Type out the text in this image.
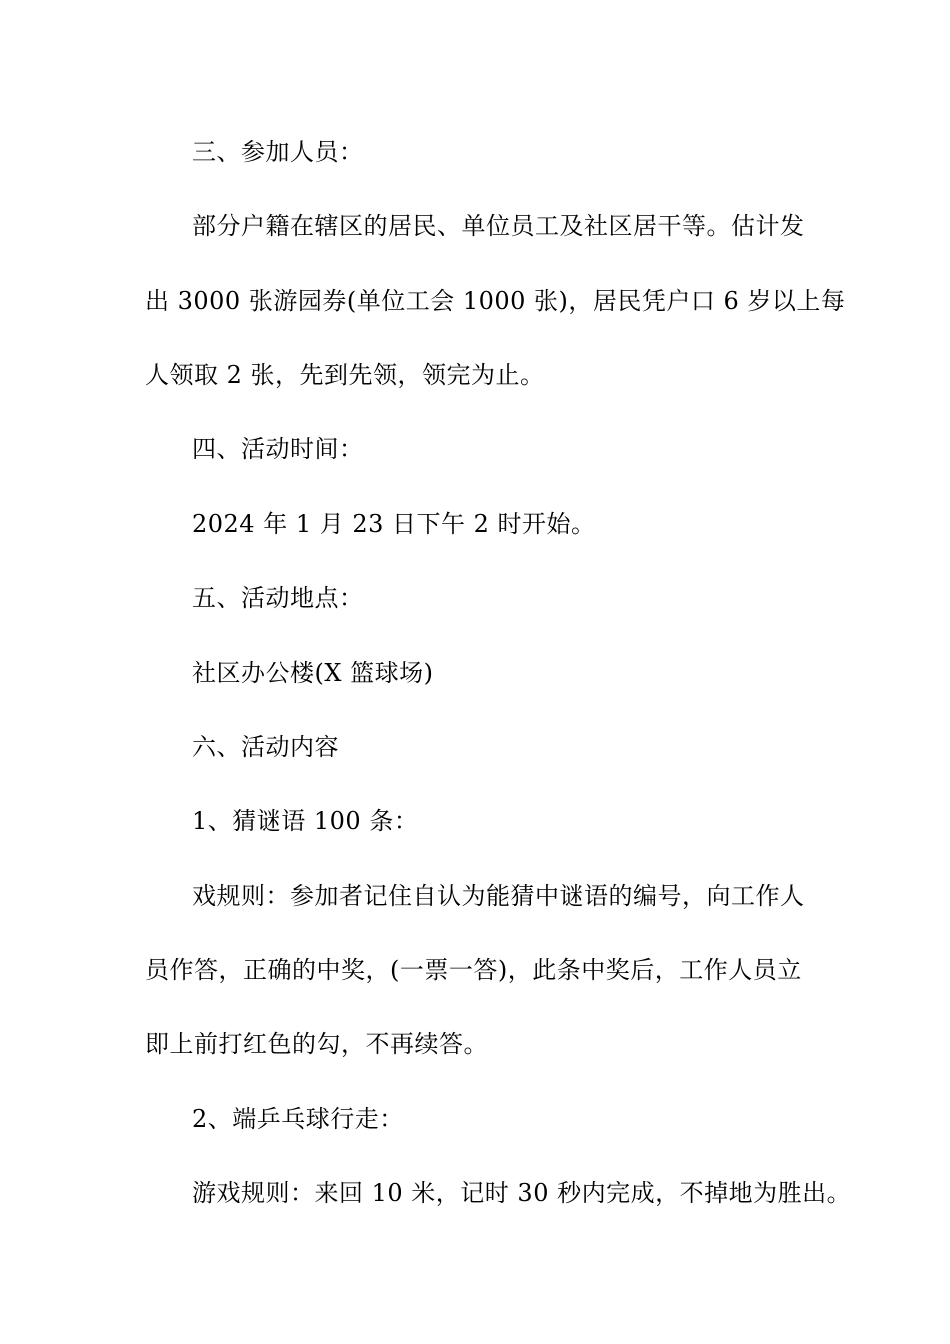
三、参加人员：
部分户籍在辖区的居民、单位员工及社区居干等。估计发
出 3000 张游园券(单位工会 1000 张)，居民凭户口 6 岁以上每
人领取 2 张，先到先领，领完为止。
四、活动时间：
2024 年 1 月 23 日下午 2 时开始。
五、活动地点：
社区办公楼(X 篮球场)
六、活动内容
1、猜谜语 100 条：
戏规则：参加者记住自认为能猜中谜语的编号，向工作人
员作答，正确的中奖，(一票一答)，此条中奖后，工作人员立
即上前打红色的勾，不再续答。
2、端乒乓球行走：
游戏规则：来回 10 米，记时 30 秒内完成，不掉地为胜出。
